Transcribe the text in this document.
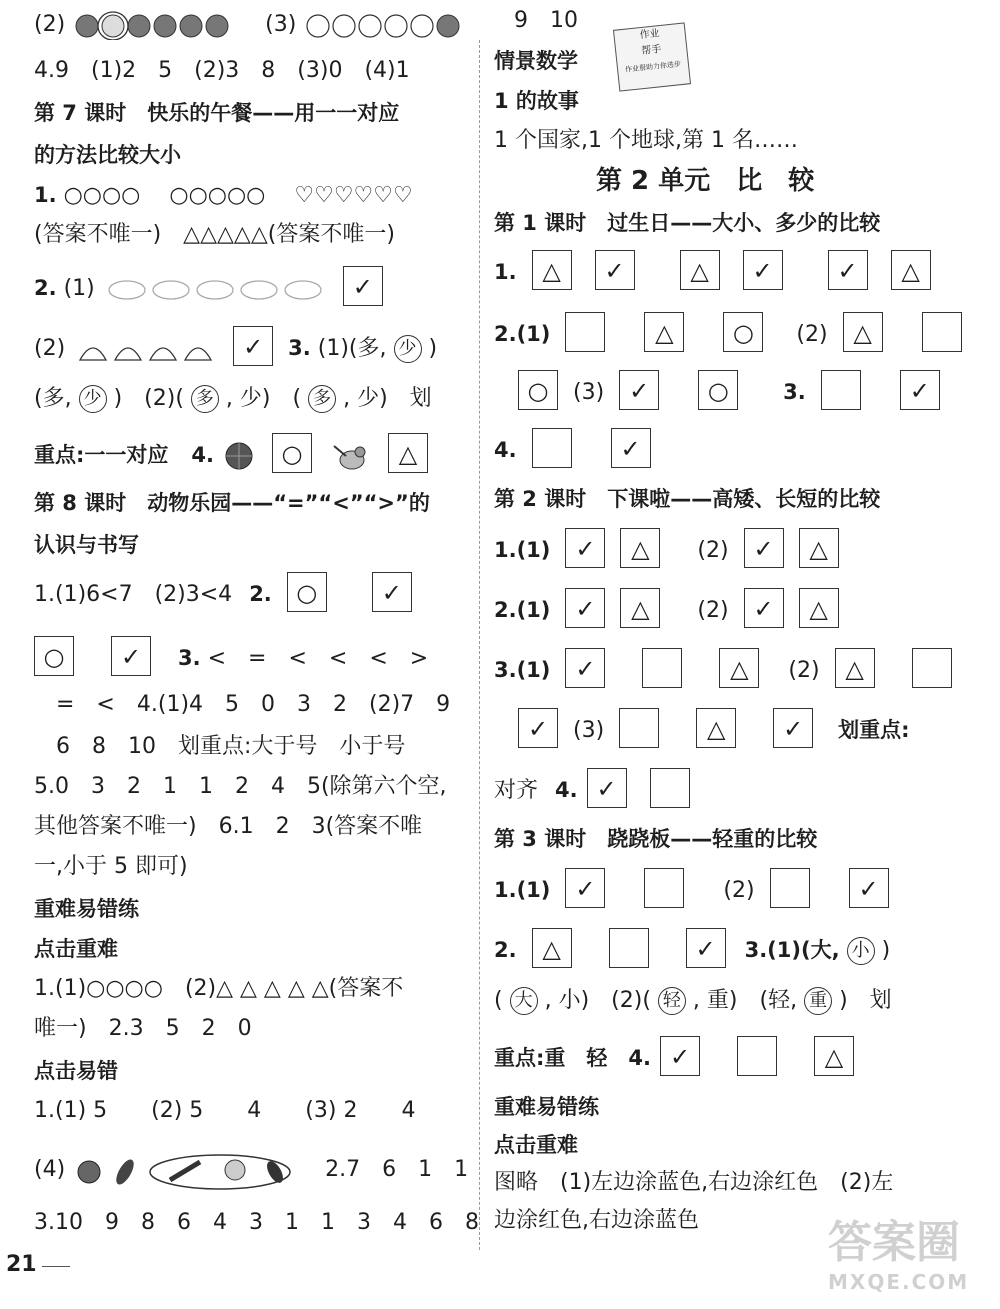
(2)	(3)
4.9　(1)2　5　(2)3　8　(3)0　(4)1
第 7 课时　快乐的午餐——用一一对应
的方法比较大小
1. ○○○○　 ○○○○○　 ♡♡♡♡♡♡
(答案不唯一)　△△△△△(答案不唯一)
2. (1)	✓
(2)	✓ 3. (1)(多, 少 )
(多, 少 )　(2)( 多 , 少)　( 多 , 少)　划
重点:一一对应 4.	○	△
第 8 课时　动物乐园——“=”“<”“>”的
认识与书写
1.(1)6<7　(2)3<4 2. ○	✓
○ ✓ 3. <　=　<　<　<　>
=　<　4.(1)4　5　0　3　2　(2)7　9
6　8　10　划重点:大于号　小于号
5.0　3　2　1　1　2　4　5(除第六个空,
其他答案不唯一)　6.1　2　3(答案不唯
一,小于 5 即可)
重难易错练
点击重难
1.(1)○○○○　(2)△ △ △ △ △(答案不
唯一)　2.3　5　2　0
点击易错
1.(1) 5　　(2) 5　　4　　(3) 2　　4
(4)	2.7　6　1　1
3.10　9　8　6　4　3　1　1　3　4　6　8
9　10
情景数学
1 的故事
1 个国家,1 个地球,第 1 名……
第 2 单元　比　较
第 1 课时　过生日——大小、多少的比较
1. △ ✓	△ ✓	✓ △
2.(1)	△ ○ (2) △
○ (3) ✓ ○	3.	✓
4.	✓
第 2 课时　下课啦——高矮、长短的比较
1.(1) ✓ △ (2) ✓ △
2.(1) ✓ △ (2) ✓ △
3.(1) ✓	△ (2) △
✓ (3)	△ ✓ 划重点:
对齐 4. ✓
第 3 课时　跷跷板——轻重的比较
1.(1) ✓	(2)	✓
2. △	✓ 3.(1)(大, 小 )
( 大 , 小)　(2)( 轻 , 重)　(轻, 重 )　划
重点:重　轻 4. ✓	△
重难易错练
点击重难
图略　(1)左边涂蓝色,右边涂红色　(2)左
边涂红色,右边涂蓝色
作业
帮手
作业册助力你进步
21	答案圈
MXQE.COM
